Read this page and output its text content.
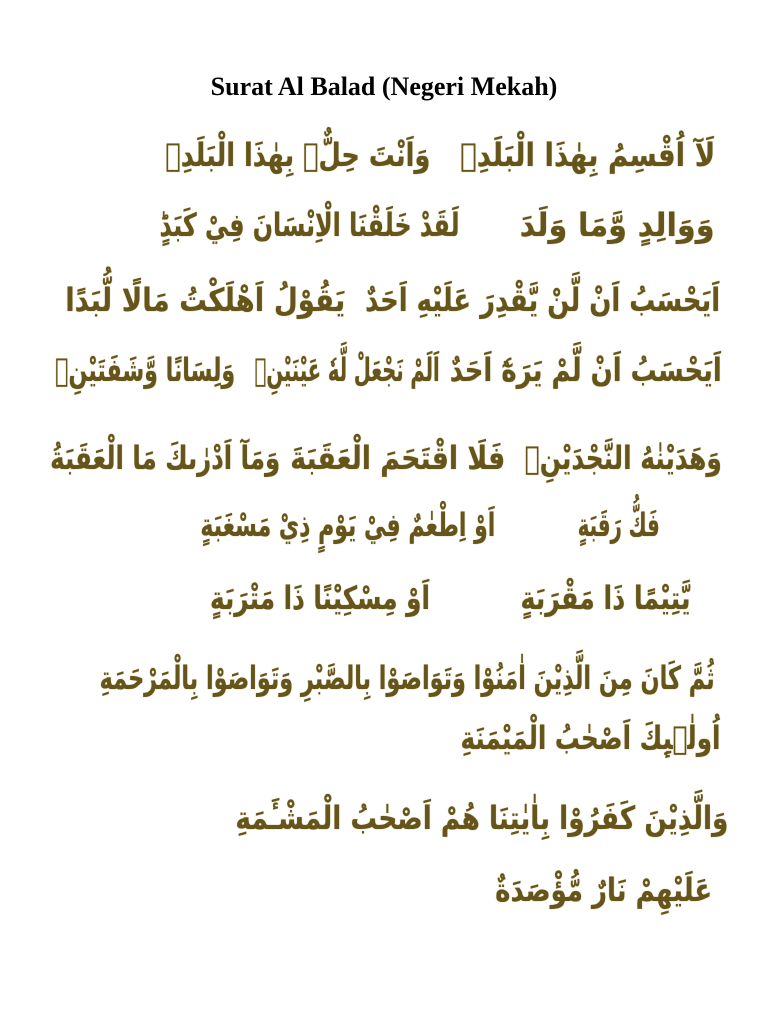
Surat Al Balad (Negeri Mekah)
لَآ اُقْسِمُ بِهٰذَا الْبَلَدِۙ
وَاَنْتَ حِلٌّۢ بِهٰذَا الْبَلَدِۙ
وَوَالِدٍ وَّمَا وَلَدَ
لَقَدْ خَلَقْنَا الْاِنْسَانَ فِيْ كَبَدٍؕ
اَيَحْسَبُ اَنْ لَّنْ يَّقْدِرَ عَلَيْهِ اَحَدٌ
يَقُوْلُ اَهْلَكْتُ مَالًا لُّبَدًا
اَيَحْسَبُ اَنْ لَّمْ يَرَهٗٓ اَحَدٌ
اَلَمْ نَجْعَلْ لَّهٗ عَيْنَيْنِۙ
وَلِسَانًا وَّشَفَتَيْنِۙ
وَهَدَيْنٰهُ النَّجْدَيْنِۚ
فَلَا اقْتَحَمَ الْعَقَبَةَ
وَمَآ اَدْرٰىكَ مَا الْعَقَبَةُ
فَكُّ رَقَبَةٍ
اَوْ اِطْعٰمٌ فِيْ يَوْمٍ ذِيْ مَسْغَبَةٍ
يَّتِيْمًا ذَا مَقْرَبَةٍ
اَوْ مِسْكِيْنًا ذَا مَتْرَبَةٍ
ثُمَّ كَانَ مِنَ الَّذِيْنَ اٰمَنُوْا وَتَوَاصَوْا بِالصَّبْرِ وَتَوَاصَوْا بِالْمَرْحَمَةِ
اُولٰۤىِٕكَ اَصْحٰبُ الْمَيْمَنَةِ
وَالَّذِيْنَ كَفَرُوْا بِاٰيٰتِنَا هُمْ اَصْحٰبُ الْمَشْـَٔمَةِ
عَلَيْهِمْ نَارٌ مُّؤْصَدَةٌ
